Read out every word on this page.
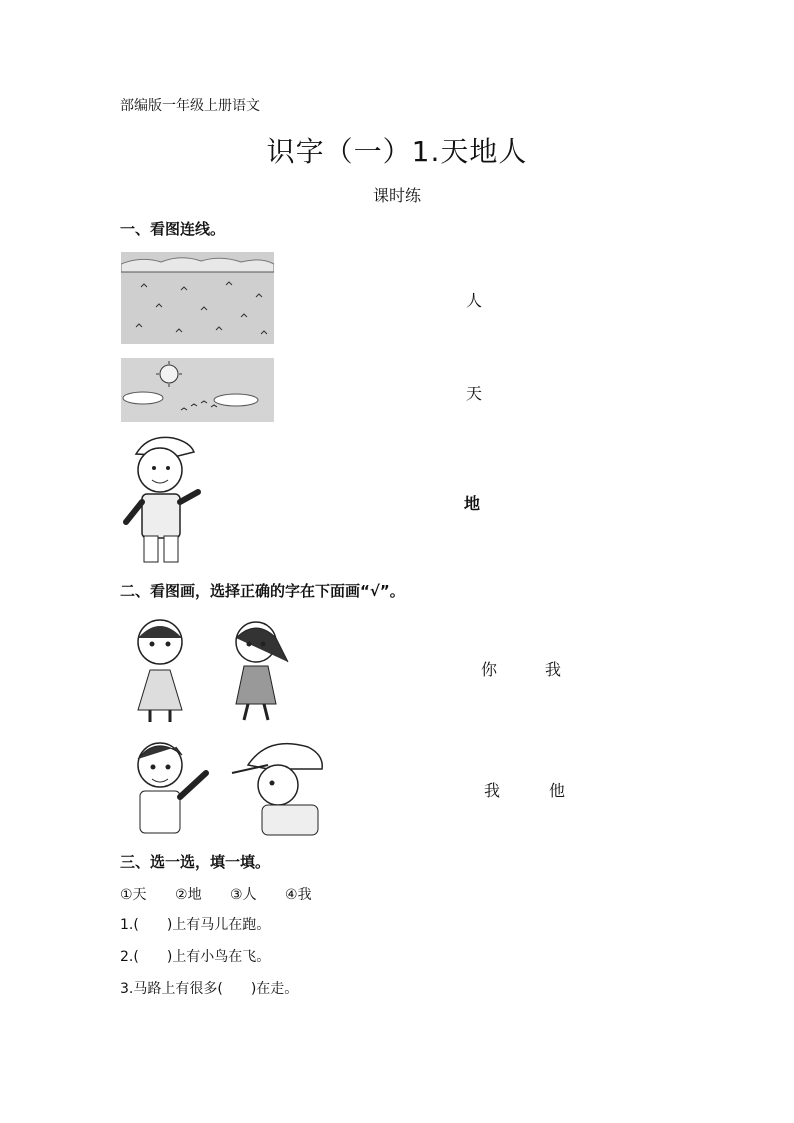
部编版一年级上册语文
识字（一）1.天地人
课时练
一、看图连线。
人
天
地
二、看图画，选择正确的字在下面画“√”。
你	我
我	他
三、选一选，填一填。
①天 ②地 ③人 ④我
1.(　　)上有马儿在跑。
2.(　　)上有小鸟在飞。
3.马路上有很多(　　)在走。
